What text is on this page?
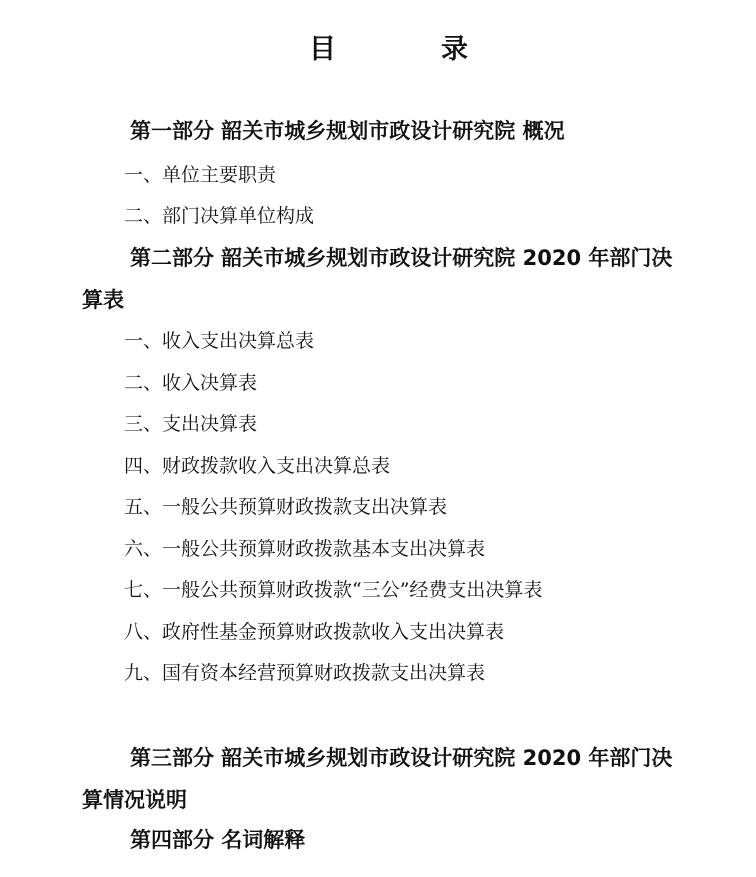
目	录
第一部分 韶关市城乡规划市政设计研究院 概况
一、单位主要职责
二、部门决算单位构成
第二部分 韶关市城乡规划市政设计研究院 2020 年部门决算表
一、收入支出决算总表
二、收入决算表
三、支出决算表
四、财政拨款收入支出决算总表
五、一般公共预算财政拨款支出决算表
六、一般公共预算财政拨款基本支出决算表
七、一般公共预算财政拨款“三公”经费支出决算表
八、政府性基金预算财政拨款收入支出决算表
九、国有资本经营预算财政拨款支出决算表
第三部分 韶关市城乡规划市政设计研究院 2020 年部门决算情况说明
第四部分 名词解释
